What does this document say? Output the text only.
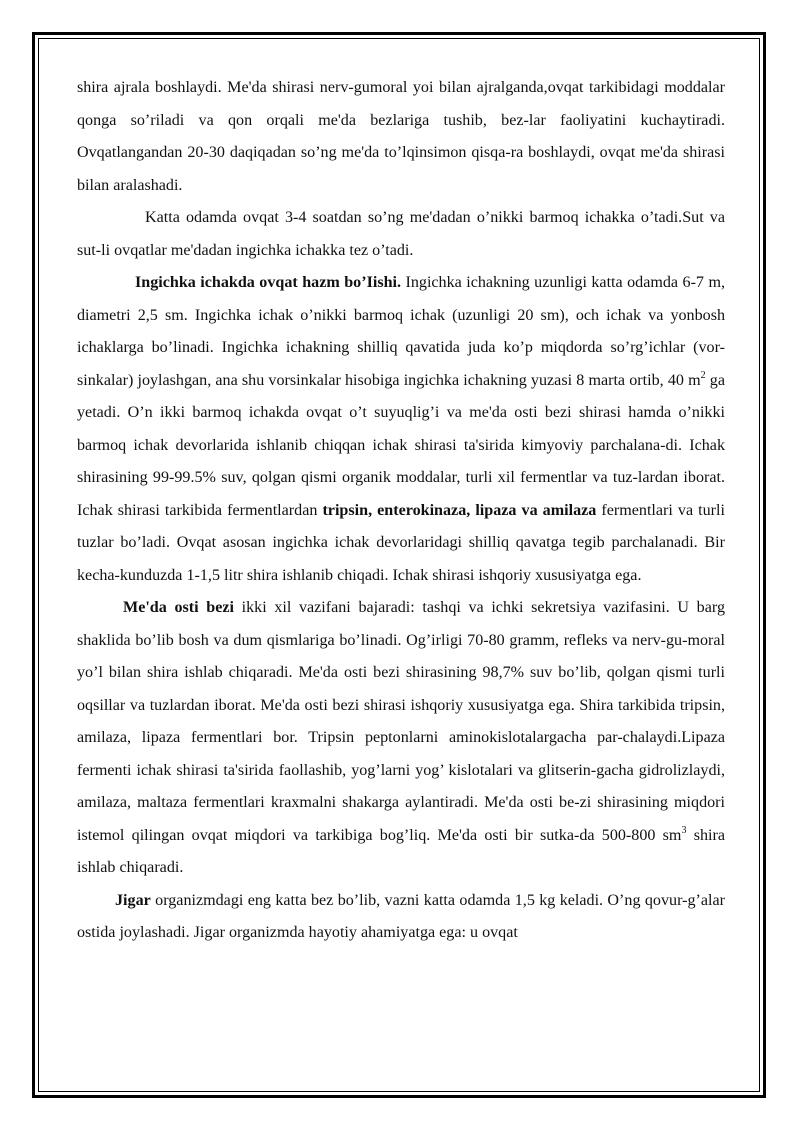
shira ajrala boshlaydi. Me'da shirasi nerv-gumoral yoi bilan ajralganda,ovqat tarkibidagi moddalar qonga so’riladi va qon orqali me'da bezlariga tushib, bez-lar faoliyatini kuchaytiradi. Ovqatlangandan 20-30 daqiqadan so’ng me'da to’lqinsimon qisqa-ra boshlaydi, ovqat me'da shirasi bilan aralashadi.

Katta odamda ovqat 3-4 soatdan so’ng me'dadan o’nikki barmoq ichakka o’tadi.Sut va sut-li ovqatlar me'dadan ingichka ichakka tez o’tadi.

Ingichka ichakda ovqat hazm bo’Iishi. Ingichka ichakning uzunligi katta odamda 6-7 m, diametri 2,5 sm. Ingichka ichak o’nikki barmoq ichak (uzunligi 20 sm), och ichak va yonbosh ichaklarga bo’linadi. Ingichka ichakning shilliq qavatida juda ko’p miqdorda so’rg’ichlar (vor-sinkalar) joylashgan, ana shu vorsinkalar hisobiga ingichka ichakning yuzasi 8 marta ortib, 40 $m^2$ ga yetadi. O’n ikki barmoq ichakda ovqat o’t suyuqlig’i va me'da osti bezi shirasi hamda o’nikki barmoq ichak devorlarida ishlanib chiqqan ichak shirasi ta'sirida kimyoviy parchalana-di. Ichak shirasining 99-99.5% suv, qolgan qismi organik moddalar, turli xil fermentlar va tuz-lardan iborat. Ichak shirasi tarkibida fermentlardan tripsin, enterokinaza, lipaza va amilaza fermentlari va turli tuzlar bo’ladi. Ovqat asosan ingichka ichak devorlaridagi shilliq qavatga tegib parchalanadi. Bir kecha-kunduzda 1-1,5 litr shira ishlanib chiqadi. Ichak shirasi ishqoriy xususiyatga ega.

Me'da osti bezi ikki xil vazifani bajaradi: tashqi va ichki sekretsiya vazifasini. U barg shaklida bo’lib bosh va dum qismlariga bo’linadi. Og’irligi 70-80 gramm, refleks va nerv-gu-moral yo’l bilan shira ishlab chiqaradi. Me'da osti bezi shirasining 98,7% suv bo’lib, qolgan qismi turli oqsillar va tuzlardan iborat. Me'da osti bezi shirasi ishqoriy xususiyatga ega. Shira tarkibida tripsin, amilaza, lipaza fermentlari bor. Tripsin peptonlarni aminokislotalargacha par-chalaydi.Lipaza fermenti ichak shirasi ta'sirida faollashib, yog’larni yog’ kislotalari va glitserin-gacha gidrolizlaydi, amilaza, maltaza fermentlari kraxmalni shakarga aylantiradi. Me'da osti be-zi shirasining miqdori istemol qilingan ovqat miqdori va tarkibiga bog’liq. Me'da osti bir sutka-da 500-800 $sm^3$ shira ishlab chiqaradi.

Jigar organizmdagi eng katta bez bo’lib, vazni katta odamda 1,5 kg keladi. O’ng qovur-g’alar ostida joylashadi. Jigar organizmda hayotiy ahamiyatga ega: u ovqat
